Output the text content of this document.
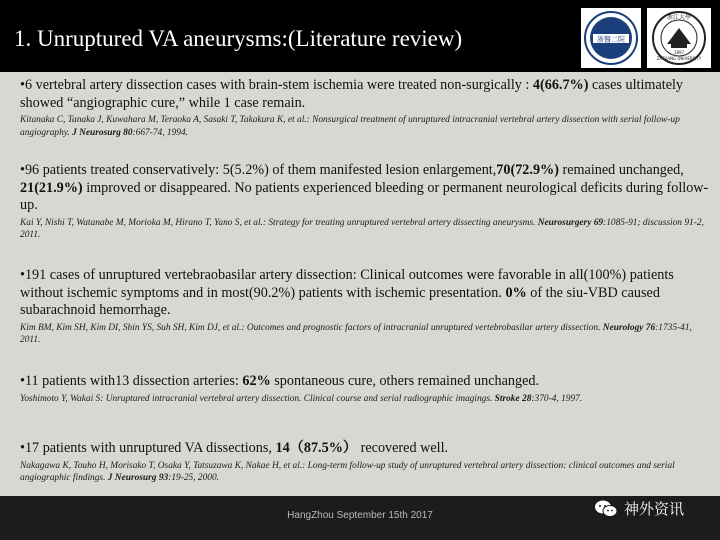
1. Unruptured VA aneurysms:(Literature review)	浙醫二院
浙江大學
ZHEJIANG UNIVERSITY
1897
•6 vertebral artery dissection cases with brain-stem ischemia were treated non-surgically : 4(66.7%) cases ultimately showed “angiographic cure,” while 1 case remain.
Kitanaka C, Tanaka J, Kuwahara M, Teraoka A, Sasaki T, Takakura K, et al.: Nonsurgical treatment of unruptured intracranial vertebral artery dissection with serial follow-up angiography. J Neurosurg 80:667-74, 1994.
•96 patients treated conservatively: 5(5.2%) of them manifested lesion enlargement,70(72.9%) remained unchanged, 21(21.9%) improved or disappeared. No patients experienced bleeding or permanent neurological deficits during follow-up.
Kai Y, Nishi T, Watanabe M, Morioka M, Hirano T, Yano S, et al.: Strategy for treating unruptured vertebral artery dissecting aneurysms. Neurosurgery 69:1085-91; discussion 91-2, 2011.
•191 cases of unruptured vertebraobasilar artery dissection: Clinical outcomes were favorable in all(100%) patients without ischemic symptoms and in most(90.2%) patients with ischemic presentation. 0% of the siu-VBD caused subarachnoid hemorrhage.
Kim BM, Kim SH, Kim DI, Shin YS, Suh SH, Kim DJ, et al.: Outcomes and prognostic factors of intracranial unruptured vertebrobasilar artery dissection. Neurology 76:1735-41, 2011.
•11 patients with13 dissection arteries: 62% spontaneous cure, others remained unchanged.
Yoshimoto Y, Wakai S: Unruptured intracranial vertebral artery dissection. Clinical course and serial radiographic imagings. Stroke 28:370-4, 1997.
•17 patients with unruptured VA dissections, 14（87.5%） recovered well.
Nakagawa K, Touho H, Morisako T, Osaka Y, Tatsuzawa K, Nakae H, et al.: Long-term follow-up study of unruptured vertebral artery dissection: clinical outcomes and serial angiographic findings. J Neurosurg 93:19-25, 2000.
HangZhou September 15th 2017	神外资讯
